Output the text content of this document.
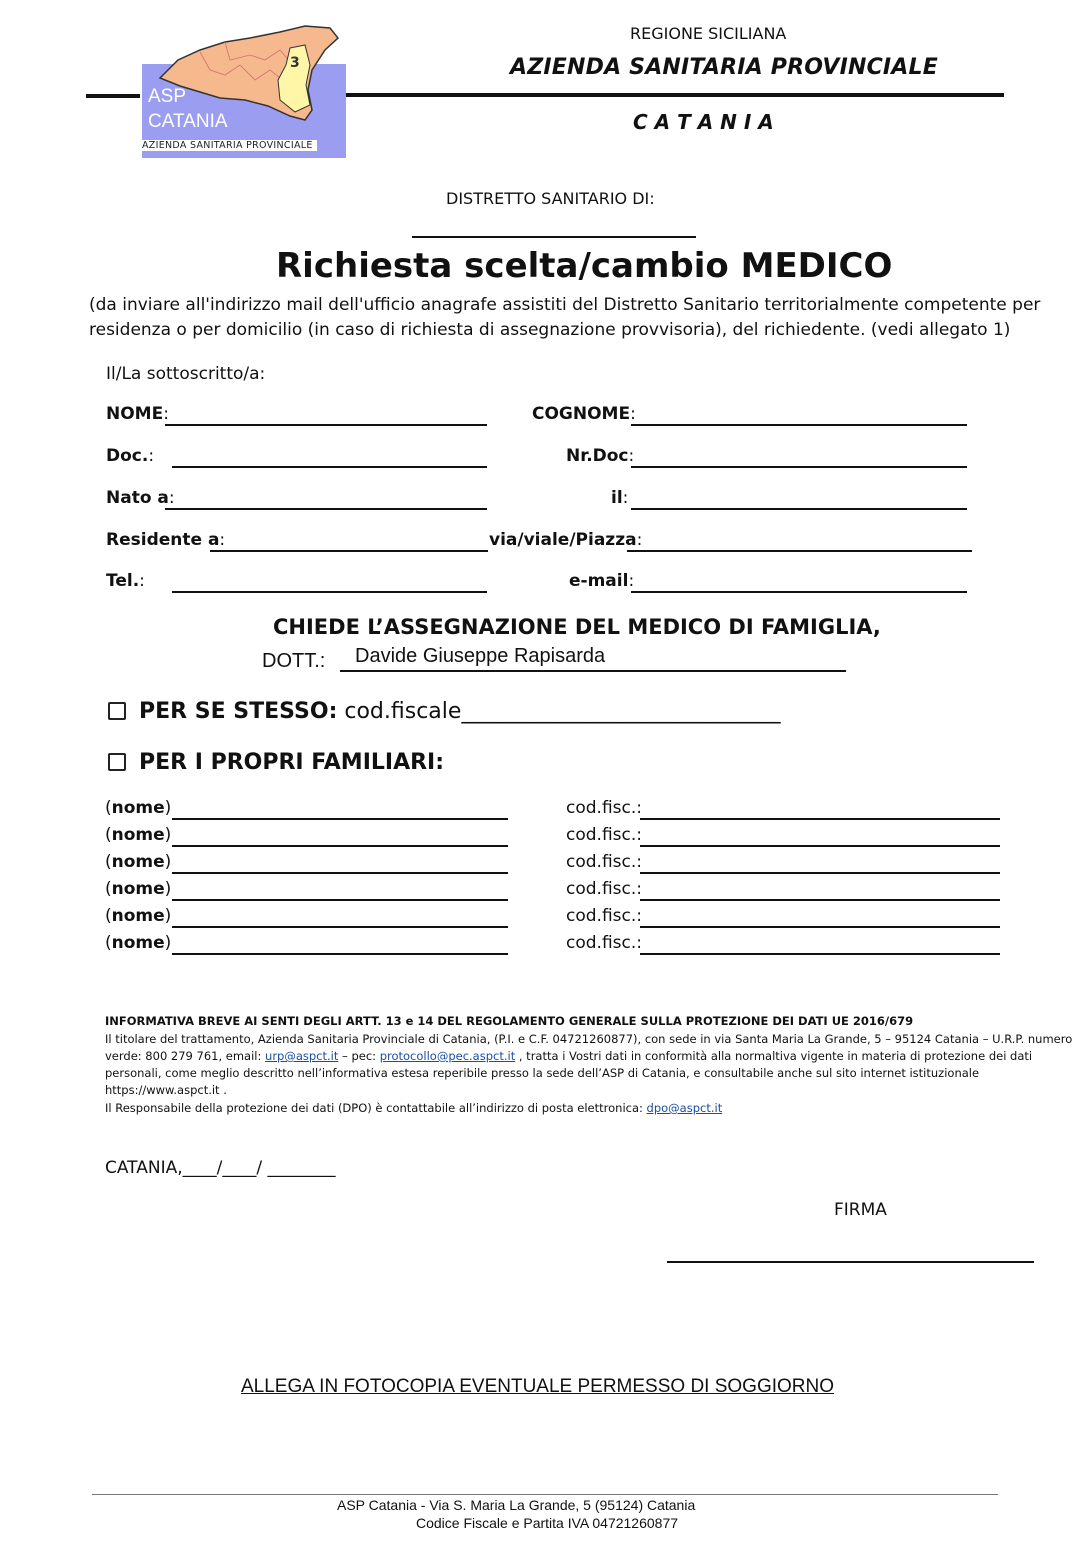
3
ASP
CATANIA
AZIENDA SANITARIA PROVINCIALE
REGIONE SICILIANA
AZIENDA SANITARIA PROVINCIALE
C A T A N I A
DISTRETTO SANITARIO DI:
Richiesta scelta/cambio MEDICO
(da inviare all'indirizzo mail dell'ufficio anagrafe assistiti del Distretto Sanitario territorialmente competente per
residenza o per domicilio (in caso di richiesta di assegnazione provvisoria), del richiedente. (vedi allegato 1)
Il/La sottoscritto/a:
NOME:	COGNOME:
Doc.:	Nr.Doc:
Nato a:	il:
Residente a:	via/viale/Piazza:
Tel.:	e-mail:
CHIEDE L’ASSEGNAZIONE DEL MEDICO DI FAMIGLIA,
DOTT.: Davide Giuseppe Rapisarda
PER SE STESSO: cod.fiscale_____________________________
PER I PROPRI FAMILIARI:
(nome)	cod.fisc.:
(nome)	cod.fisc.:
(nome)	cod.fisc.:
(nome)	cod.fisc.:
(nome)	cod.fisc.:
(nome)	cod.fisc.:
INFORMATIVA BREVE AI SENTI DEGLI ARTT. 13 e 14 DEL REGOLAMENTO GENERALE SULLA PROTEZIONE DEI DATI UE 2016/679
Il titolare del trattamento, Azienda Sanitaria Provinciale di Catania, (P.I. e C.F. 04721260877), con sede in via Santa Maria La Grande, 5 – 95124 Catania – U.R.P. numero
verde: 800 279 761, email: urp@aspct.it – pec: protocollo@pec.aspct.it , tratta i Vostri dati in conformità alla normaltiva vigente in materia di protezione dei dati
personali, come meglio descritto nell’informativa estesa reperibile presso la sede dell’ASP di Catania, e consultabile anche sul sito internet istituzionale
https://www.aspct.it .
Il Responsabile della protezione dei dati (DPO) è contattabile all’indirizzo di posta elettronica: dpo@aspct.it
CATANIA,____/____/ ________
FIRMA
ALLEGA IN FOTOCOPIA EVENTUALE PERMESSO DI SOGGIORNO
ASP Catania - Via S. Maria La Grande, 5 (95124) Catania
Codice Fiscale e Partita IVA 04721260877
